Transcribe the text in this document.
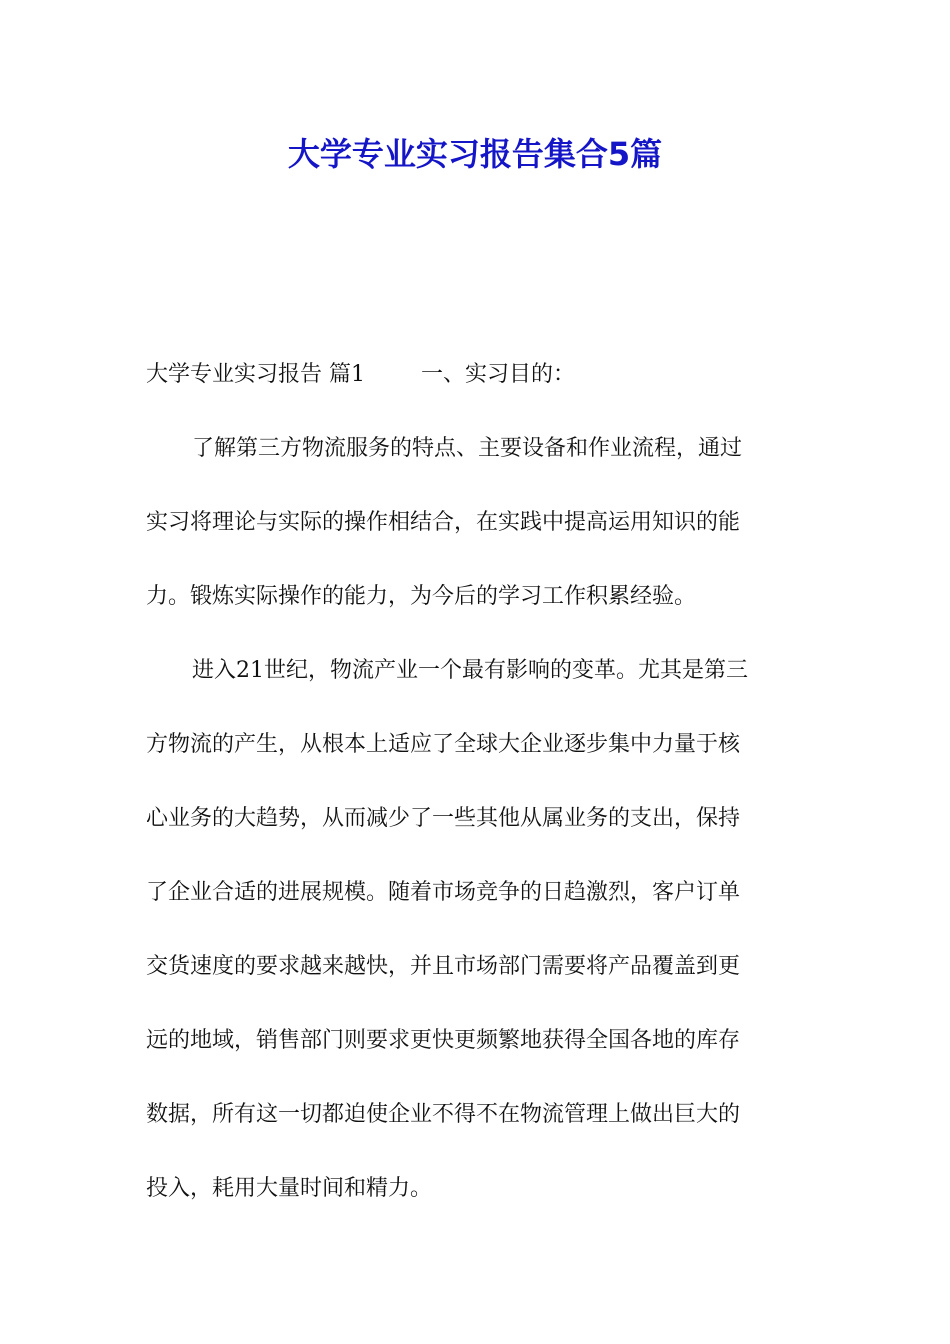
大学专业实习报告集合5篇
大学专业实习报告 篇1	一、实习目的：
了解第三方物流服务的特点、主要设备和作业流程，通过
实习将理论与实际的操作相结合，在实践中提高运用知识的能
力。锻炼实际操作的能力，为今后的学习工作积累经验。
进入21世纪，物流产业一个最有影响的变革。尤其是第三
方物流的产生，从根本上适应了全球大企业逐步集中力量于核
心业务的大趋势，从而减少了一些其他从属业务的支出，保持
了企业合适的进展规模。随着市场竞争的日趋激烈，客户订单
交货速度的要求越来越快，并且市场部门需要将产品覆盖到更
远的地域，销售部门则要求更快更频繁地获得全国各地的库存
数据，所有这一切都迫使企业不得不在物流管理上做出巨大的
投入，耗用大量时间和精力。
